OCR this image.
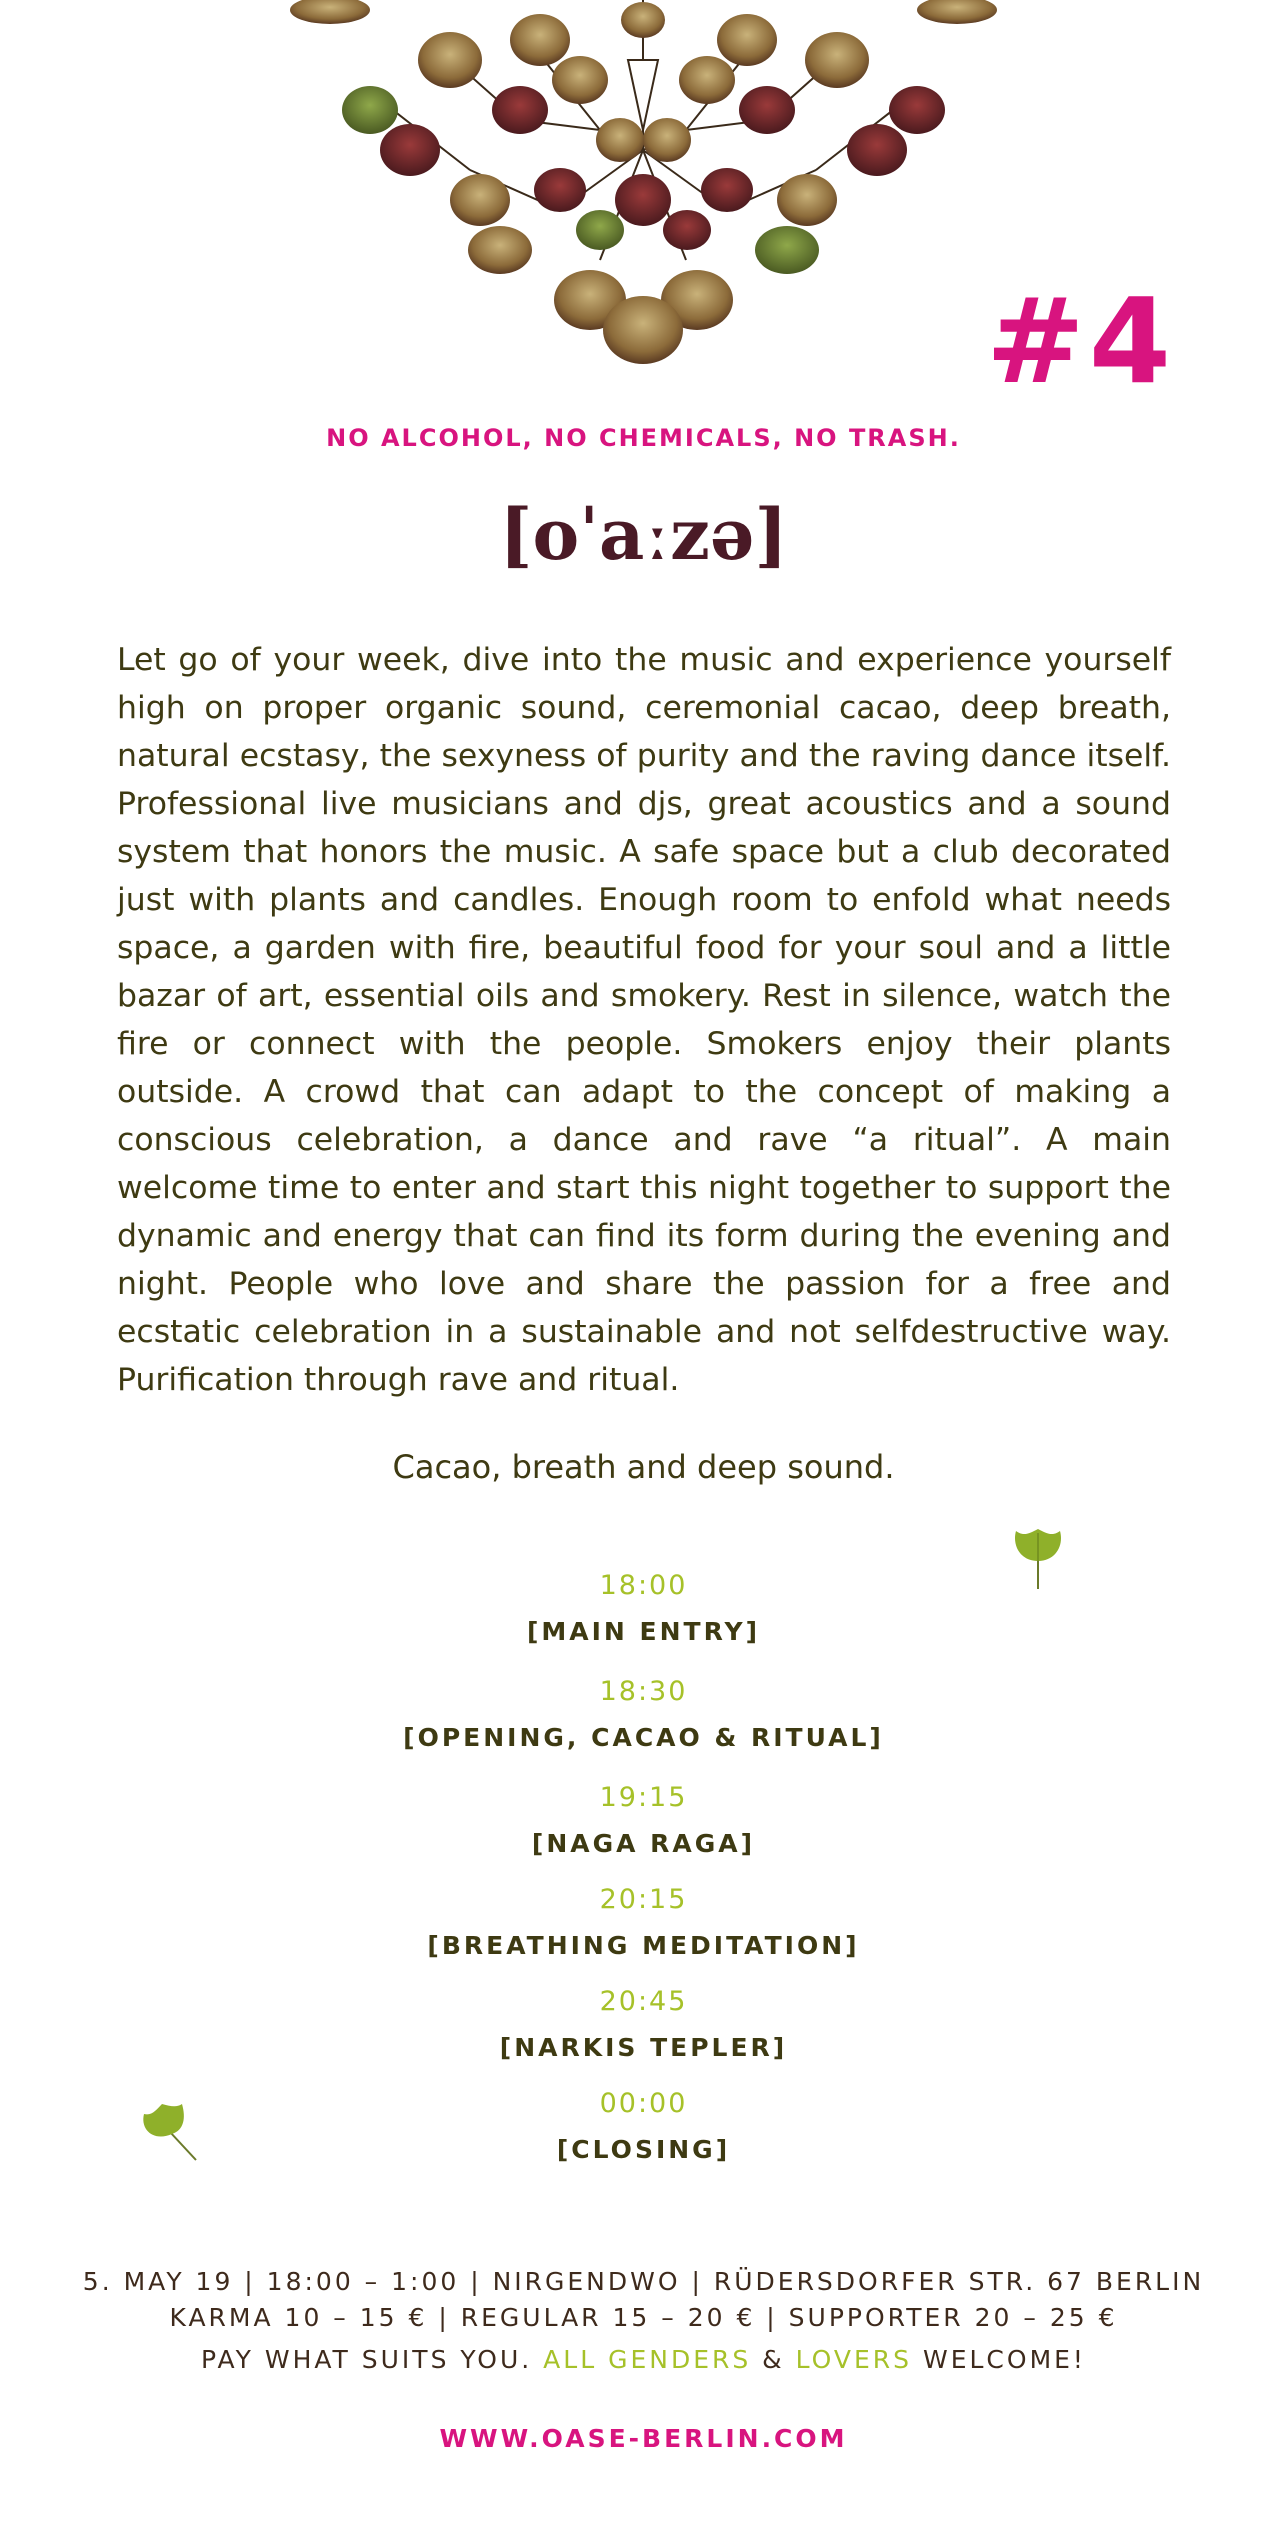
#4
NO ALCOHOL, NO CHEMICALS, NO TRASH.
[oˈaːzə]

Let go of your week, dive into the music and experience yourself high on proper organic sound, ceremonial cacao, deep breath, natural ecstasy, the sexyness of purity and the raving dance itself. Professional live musicians and djs, great acoustics and a sound system that honors the music. A safe space but a club decorated just with plants and candles. Enough room to enfold what needs space, a garden with fire, beautiful food for your soul and a little bazar of art, essential oils and smokery. Rest in silence, watch the fire or connect with the people. Smokers enjoy their plants outside. A crowd that can adapt to the concept of making a conscious celebration, a dance and rave “a ritual”. A main welcome time to enter and start this night together to support the dynamic and energy that can find its form during the evening and night. People who love and share the passion for a free and ecstatic celebration in a sustainable and not selfdestructive way. Purification through rave and ritual.

Cacao, breath and deep sound.
18:00
[MAIN ENTRY]
18:30
[OPENING, CACAO & RITUAL]
19:15
[NAGA RAGA]
20:15
[BREATHING MEDITATION]
20:45
[NARKIS TEPLER]
00:00
[CLOSING]
5. MAY 19 | 18:00 – 1:00 | NIRGENDWO | RÜDERSDORFER STR. 67 BERLIN
KARMA 10 – 15 € | REGULAR 15 – 20 € | SUPPORTER 20 – 25 €
PAY WHAT SUITS YOU. ALL GENDERS & LOVERS WELCOME!
WWW.OASE-BERLIN.COM
